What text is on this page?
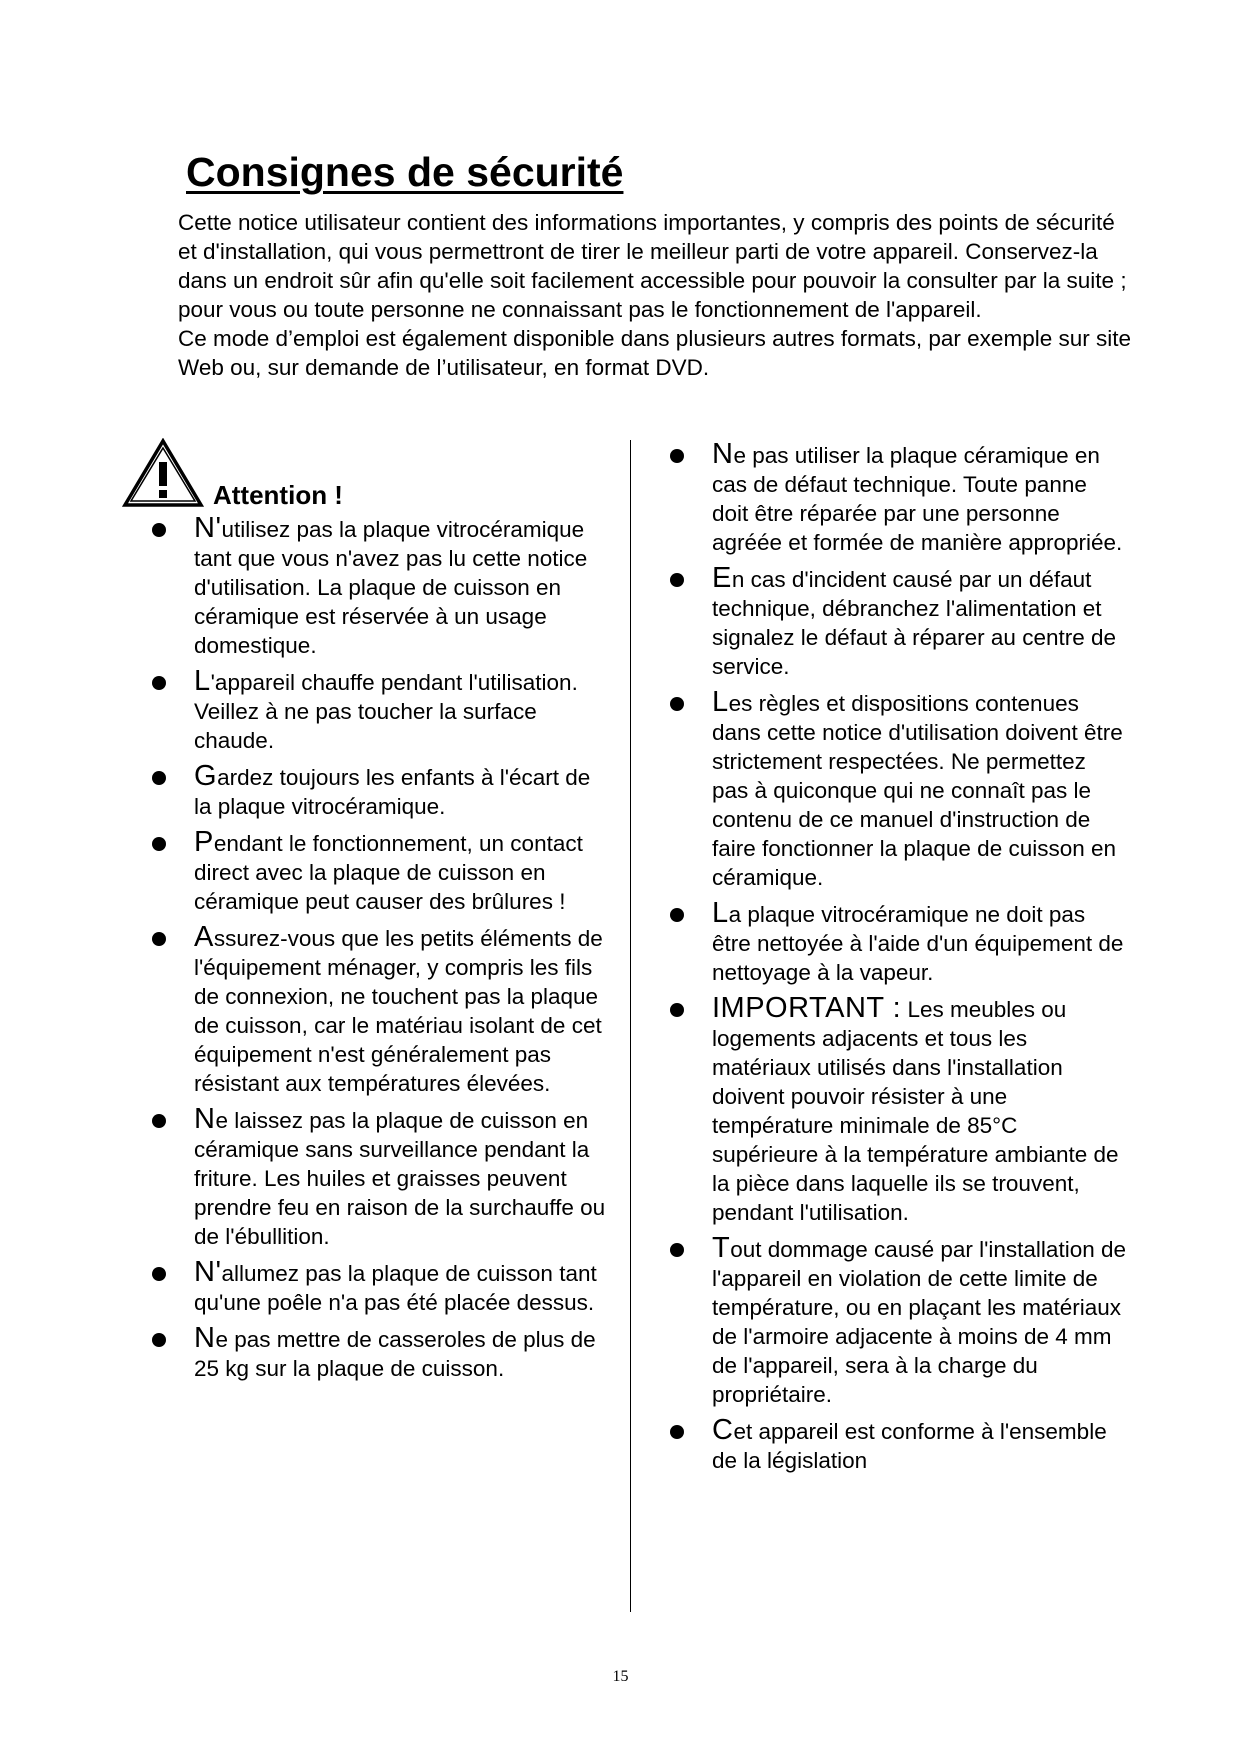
Consignes de sécurité

Cette notice utilisateur contient des informations importantes, y compris des points de sécurité et d'installation, qui vous permettront de tirer le meilleur parti de votre appareil. Conservez-la dans un endroit sûr afin qu'elle soit facilement accessible pour pouvoir la consulter par la suite ; pour vous ou toute personne ne connaissant pas le fonctionnement de l'appareil.

Ce mode d’emploi est également disponible dans plusieurs autres formats, par exemple sur site Web ou, sur demande de l’utilisateur, en format DVD.

Attention !
N'utilisez pas la plaque vitrocéramique tant que vous n'avez pas lu cette notice d'utilisation. La plaque de cuisson en céramique est réservée à un usage domestique.
L'appareil chauffe pendant l'utilisation. Veillez à ne pas toucher la surface chaude.
Gardez toujours les enfants à l'écart de la plaque vitrocéramique.
Pendant le fonctionnement, un contact direct avec la plaque de cuisson en céramique peut causer des brûlures !
Assurez-vous que les petits éléments de l'équipement ménager, y compris les fils de connexion, ne touchent pas la plaque de cuisson, car le matériau isolant de cet équipement n'est généralement pas résistant aux températures élevées.
Ne laissez pas la plaque de cuisson en céramique sans surveillance pendant la friture. Les huiles et graisses peuvent prendre feu en raison de la surchauffe ou de l'ébullition.
N'allumez pas la plaque de cuisson tant qu'une poêle n'a pas été placée dessus.
Ne pas mettre de casseroles de plus de 25 kg sur la plaque de cuisson.
Ne pas utiliser la plaque céramique en cas de défaut technique. Toute panne doit être réparée par une personne agréée et formée de manière appropriée.
En cas d'incident causé par un défaut technique, débranchez l'alimentation et signalez le défaut à réparer au centre de service.
Les règles et dispositions contenues dans cette notice d'utilisation doivent être strictement respectées. Ne permettez pas à quiconque qui ne connaît pas le contenu de ce manuel d'instruction de faire fonctionner la plaque de cuisson en céramique.
La plaque vitrocéramique ne doit pas être nettoyée à l'aide d'un équipement de nettoyage à la vapeur.
IMPORTANT : Les meubles ou logements adjacents et tous les matériaux utilisés dans l'installation doivent pouvoir résister à une température minimale de 85°C supérieure à la température ambiante de la pièce dans laquelle ils se trouvent, pendant l'utilisation.
Tout dommage causé par l'installation de l'appareil en violation de cette limite de température, ou en plaçant les matériaux de l'armoire adjacente à moins de 4 mm de l'appareil, sera à la charge du propriétaire.
Cet appareil est conforme à l'ensemble de la législation
15
